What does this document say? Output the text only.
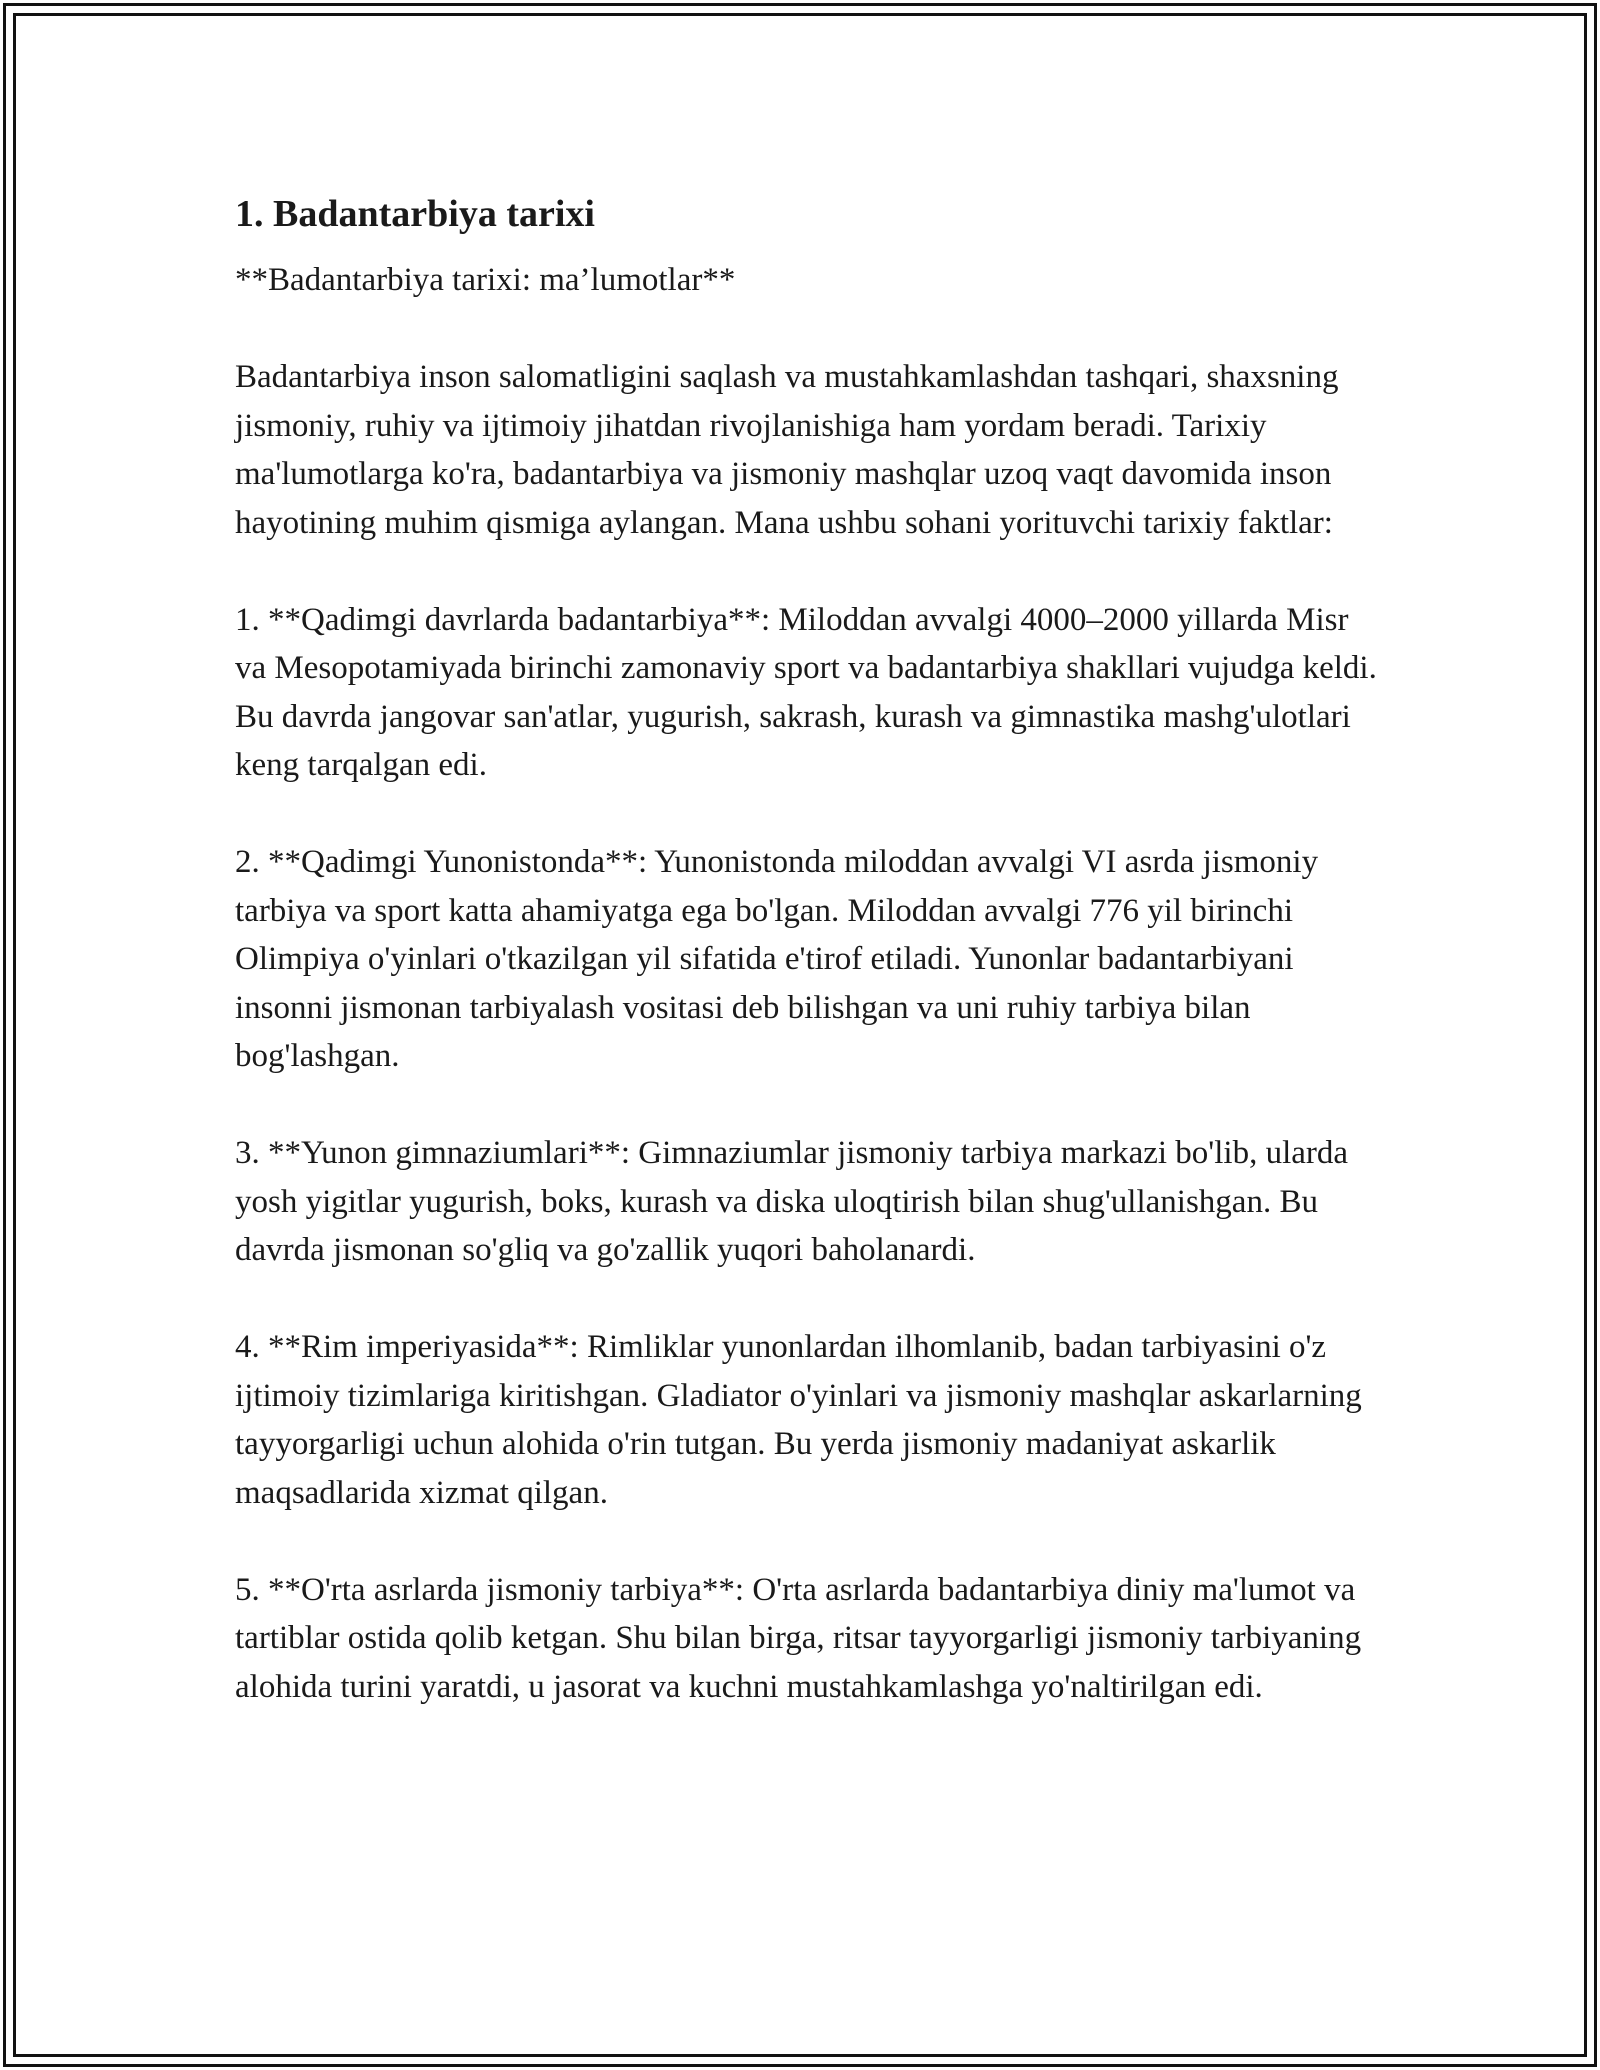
1. Badantarbiya tarixi

**Badantarbiya tarixi: ma’lumotlar**

Badantarbiya inson salomatligini saqlash va mustahkamlashdan tashqari, shaxsning jismoniy, ruhiy va ijtimoiy jihatdan rivojlanishiga ham yordam beradi. Tarixiy ma'lumotlarga ko'ra, badantarbiya va jismoniy mashqlar uzoq vaqt davomida inson hayotining muhim qismiga aylangan. Mana ushbu sohani yorituvchi tarixiy faktlar:

1. **Qadimgi davrlarda badantarbiya**: Miloddan avvalgi 4000–2000 yillarda Misr va Mesopotamiyada birinchi zamonaviy sport va badantarbiya shakllari vujudga keldi. Bu davrda jangovar san'atlar, yugurish, sakrash, kurash va gimnastika mashg'ulotlari keng tarqalgan edi.

2. **Qadimgi Yunonistonda**: Yunonistonda miloddan avvalgi VI asrda jismoniy tarbiya va sport katta ahamiyatga ega bo'lgan. Miloddan avvalgi 776 yil birinchi Olimpiya o'yinlari o'tkazilgan yil sifatida e'tirof etiladi. Yunonlar badantarbiyani insonni jismonan tarbiyalash vositasi deb bilishgan va uni ruhiy tarbiya bilan bog'lashgan.

3. **Yunon gimnaziumlari**: Gimnaziumlar jismoniy tarbiya markazi bo'lib, ularda yosh yigitlar yugurish, boks, kurash va diska uloqtirish bilan shug'ullanishgan. Bu davrda jismonan so'gliq va go'zallik yuqori baholanardi.

4. **Rim imperiyasida**: Rimliklar yunonlardan ilhomlanib, badan tarbiyasini o'z ijtimoiy tizimlariga kiritishgan. Gladiator o'yinlari va jismoniy mashqlar askarlarning tayyorgarligi uchun alohida o'rin tutgan. Bu yerda jismoniy madaniyat askarlik maqsadlarida xizmat qilgan.

5. **O'rta asrlarda jismoniy tarbiya**: O'rta asrlarda badantarbiya diniy ma'lumot va tartiblar ostida qolib ketgan. Shu bilan birga, ritsar tayyorgarligi jismoniy tarbiyaning alohida turini yaratdi, u jasorat va kuchni mustahkamlashga yo'naltirilgan edi.
